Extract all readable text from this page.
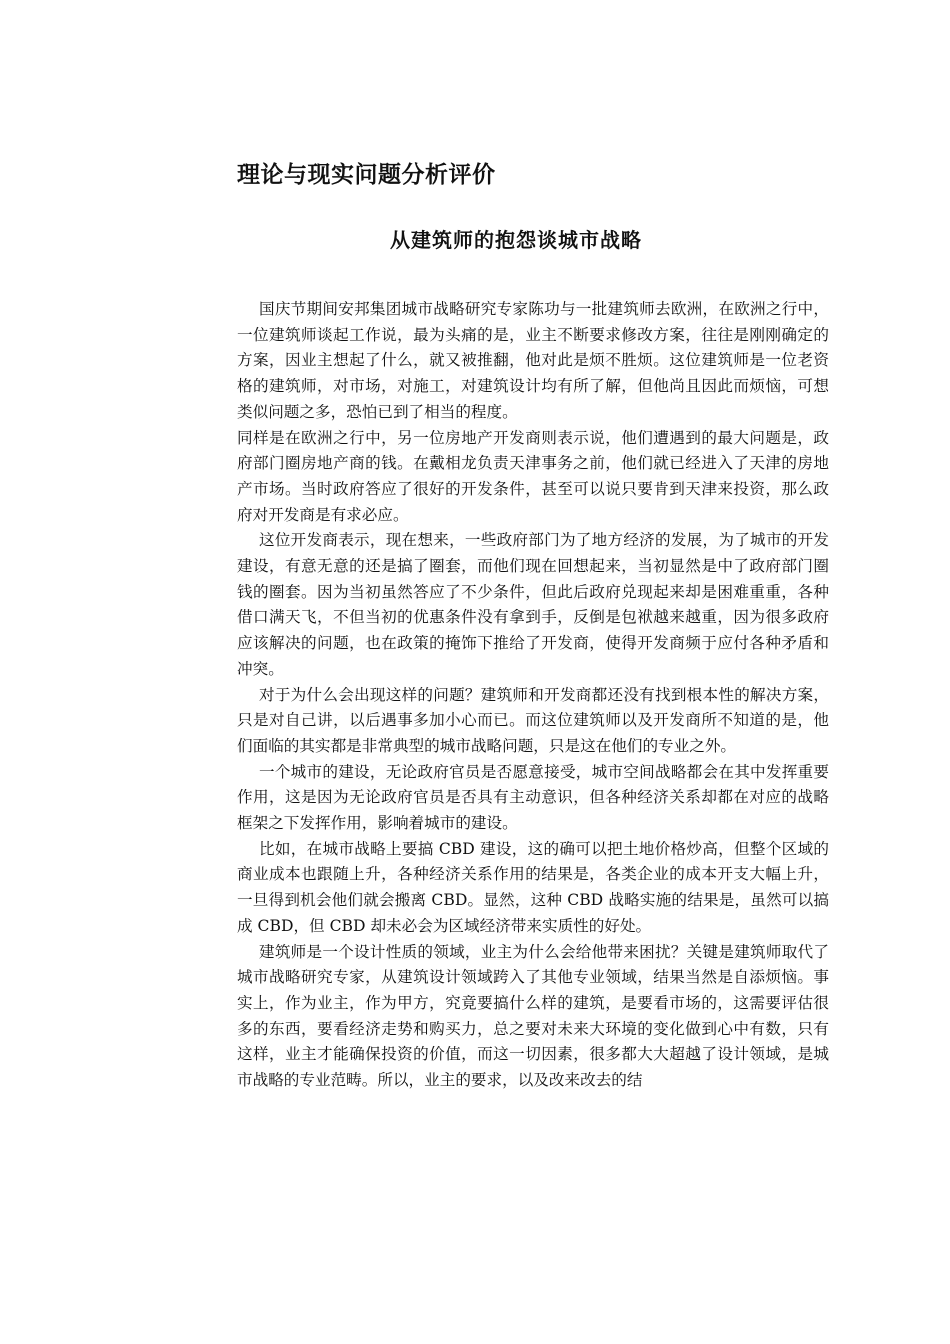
理论与现实问题分析评价
从建筑师的抱怨谈城市战略

国庆节期间安邦集团城市战略研究专家陈功与一批建筑师去欧洲，在欧洲之行中，一位建筑师谈起工作说，最为头痛的是，业主不断要求修改方案，往往是刚刚确定的方案，因业主想起了什么，就又被推翻，他对此是烦不胜烦。这位建筑师是一位老资格的建筑师，对市场，对施工，对建筑设计均有所了解，但他尚且因此而烦恼，可想类似问题之多，恐怕已到了相当的程度。

同样是在欧洲之行中，另一位房地产开发商则表示说，他们遭遇到的最大问题是，政府部门圈房地产商的钱。在戴相龙负责天津事务之前，他们就已经进入了天津的房地产市场。当时政府答应了很好的开发条件，甚至可以说只要肯到天津来投资，那么政府对开发商是有求必应。

这位开发商表示，现在想来，一些政府部门为了地方经济的发展，为了城市的开发建设，有意无意的还是搞了圈套，而他们现在回想起来，当初显然是中了政府部门圈钱的圈套。因为当初虽然答应了不少条件，但此后政府兑现起来却是困难重重，各种借口满天飞，不但当初的优惠条件没有拿到手，反倒是包袱越来越重，因为很多政府应该解决的问题，也在政策的掩饰下推给了开发商，使得开发商频于应付各种矛盾和冲突。

对于为什么会出现这样的问题？建筑师和开发商都还没有找到根本性的解决方案，只是对自己讲，以后遇事多加小心而已。而这位建筑师以及开发商所不知道的是，他们面临的其实都是非常典型的城市战略问题，只是这在他们的专业之外。

一个城市的建设，无论政府官员是否愿意接受，城市空间战略都会在其中发挥重要作用，这是因为无论政府官员是否具有主动意识，但各种经济关系却都在对应的战略框架之下发挥作用，影响着城市的建设。

比如，在城市战略上要搞 CBD 建设，这的确可以把土地价格炒高，但整个区域的商业成本也跟随上升，各种经济关系作用的结果是，各类企业的成本开支大幅上升，一旦得到机会他们就会搬离 CBD。显然，这种 CBD 战略实施的结果是，虽然可以搞成 CBD，但 CBD 却未必会为区域经济带来实质性的好处。

建筑师是一个设计性质的领域，业主为什么会给他带来困扰？关键是建筑师取代了城市战略研究专家，从建筑设计领域跨入了其他专业领域，结果当然是自添烦恼。事实上，作为业主，作为甲方，究竟要搞什么样的建筑，是要看市场的，这需要评估很多的东西，要看经济走势和购买力，总之要对未来大环境的变化做到心中有数，只有这样，业主才能确保投资的价值，而这一切因素，很多都大大超越了设计领域，是城市战略的专业范畴。所以，业主的要求，以及改来改去的结
